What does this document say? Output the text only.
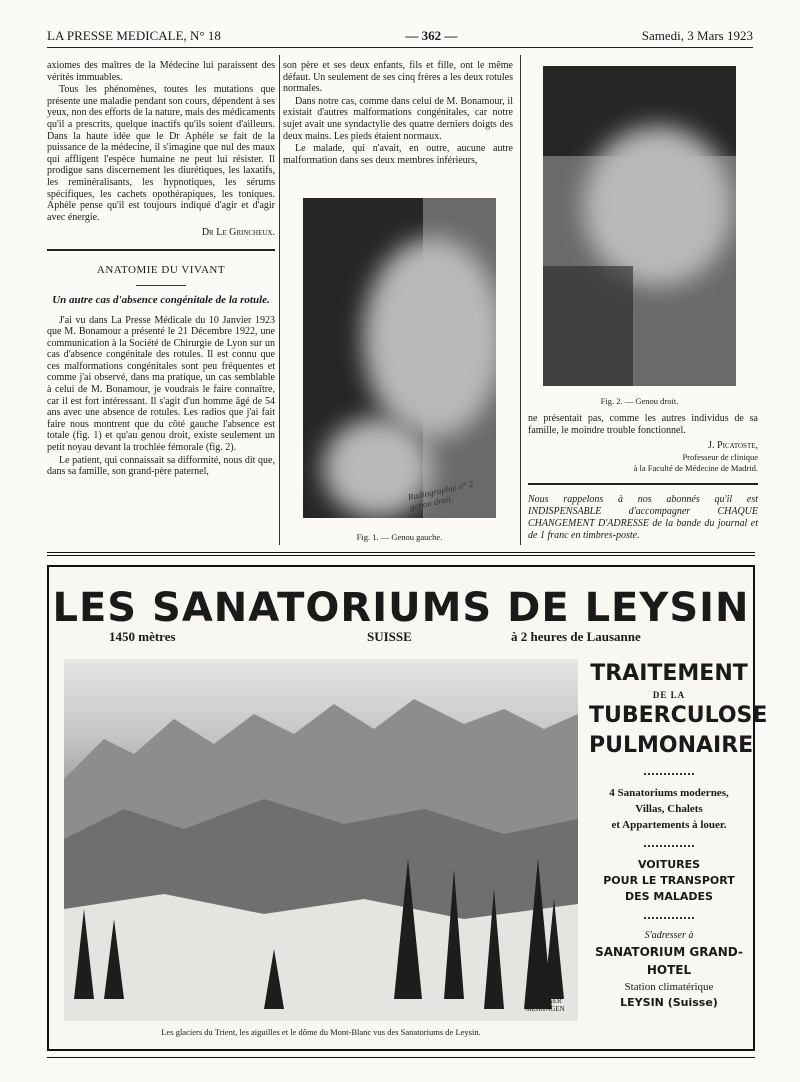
LA PRESSE MEDICALE, N° 18	— 362 —	Samedi, 3 Mars 1923

axiomes des maîtres de la Médecine lui paraissent des vérités immuables.

Tous les phénomènes, toutes les mutations que présente une maladie pendant son cours, dépendent à ses yeux, non des efforts de la nature, mais des médicaments qu'il a prescrits, quelque inactifs qu'ils soient d'ailleurs. Dans la haute idée que le Dr Aphèle se fait de la puissance de la médecine, il s'imagine que nul des maux qui affligent l'espèce humaine ne peut lui résister. Il prodigue sans discernement les diurétiques, les laxatifs, les reminéralisants, les hypnotiques, les sérums spécifiques, les cachets opothérapiques, les toniques. Aphèle pense qu'il est toujours indiqué d'agir et d'agir avec énergie.

Dr Le Grincheux.
ANATOMIE DU VIVANT
Un autre cas d'absence congénitale de la rotule.

J'ai vu dans La Presse Médicale du 10 Janvier 1923 que M. Bonamour a présenté le 21 Décembre 1922, une communication à la Société de Chirurgie de Lyon sur un cas d'absence congénitale des rotules. Il est connu que ces malformations congénitales sont peu fréquentes et comme j'ai observé, dans ma pratique, un cas semblable à celui de M. Bonamour, je voudrais le faire connaître, car il est fort intéressant. Il s'agit d'un homme âgé de 54 ans avec une absence de rotules. Les radios que j'ai fait faire nous montrent que du côté gauche l'absence est totale (fig. 1) et qu'au genou droit, existe seulement un petit noyau devant la trochlée fémorale (fig. 2).

Le patient, qui connaissait sa difformité, nous dit que, dans sa famille, son grand-père paternel,

son père et ses deux enfants, fils et fille, ont le même défaut. Un seulement de ses cinq frères a les deux rotules normales.

Dans notre cas, comme dans celui de M. Bonamour, il existait d'autres malformations congénitales, car notre sujet avait une syndactylie des quatre derniers doigts des deux mains. Les pieds étaient normaux.

Le malade, qui n'avait, en outre, aucune autre malformation dans ses deux membres inférieurs,

Radiographie n° 2 genou droit.
Fig. 1. — Genou gauche.
Fig. 2. — Genou droit.

ne présentait pas, comme les autres individus de sa famille, le moindre trouble fonctionnel.

J. Picatoste,
Professeur de clinique
à la Faculté de Médecine de Madrid.
Nous rappelons à nos abonnés qu'il est INDISPENSABLE d'accompagner CHAQUE CHANGEMENT D'ADRESSE de la bande du journal et de 1 franc en timbres-poste.
LES SANATORIUMS DE LEYSIN
1450 mètres	SUISSE	à 2 heures de Lausanne
BRUGGER MEIRINGEN
Les glaciers du Trient, les aiguilles et le dôme du Mont-Blanc vus des Sanatoriums de Leysin.
TRAITEMENT
DE LA
TUBERCULOSE
PULMONAIRE
4 Sanatoriums modernes,
Villas, Chalets
et Appartements à louer.
VOITURES
POUR LE TRANSPORT
DES MALADES
S'adresser à
SANATORIUM GRAND-HOTEL
Station climatérique
LEYSIN (Suisse)
